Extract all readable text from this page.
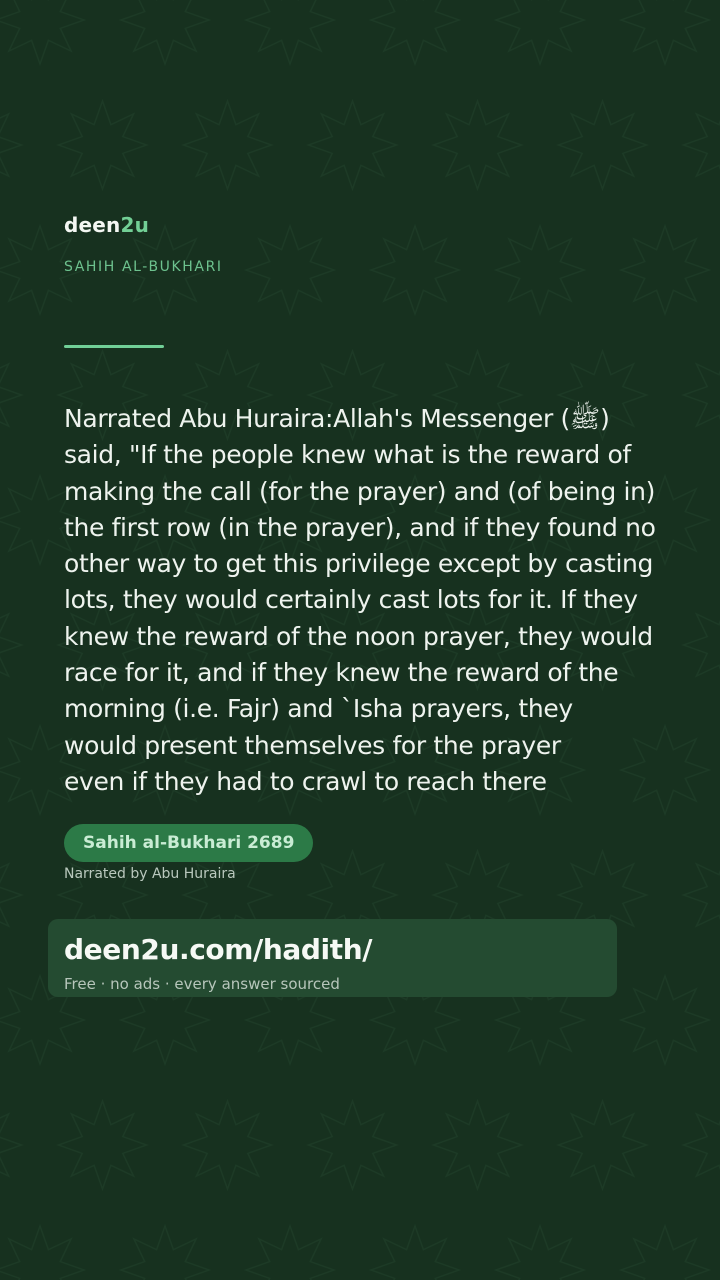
deen2u
SAHIH AL-BUKHARI
Narrated Abu Huraira:Allah's Messenger (ﷺ)
said, "If the people knew what is the reward of
making the call (for the prayer) and (of being in)
the first row (in the prayer), and if they found no
other way to get this privilege except by casting
lots, they would certainly cast lots for it. If they
knew the reward of the noon prayer, they would
race for it, and if they knew the reward of the
morning (i.e. Fajr) and `Isha prayers, they
would present themselves for the prayer
even if they had to crawl to reach there
Sahih al-Bukhari 2689
Narrated by Abu Huraira
deen2u.com/hadith/
Free · no ads · every answer sourced
